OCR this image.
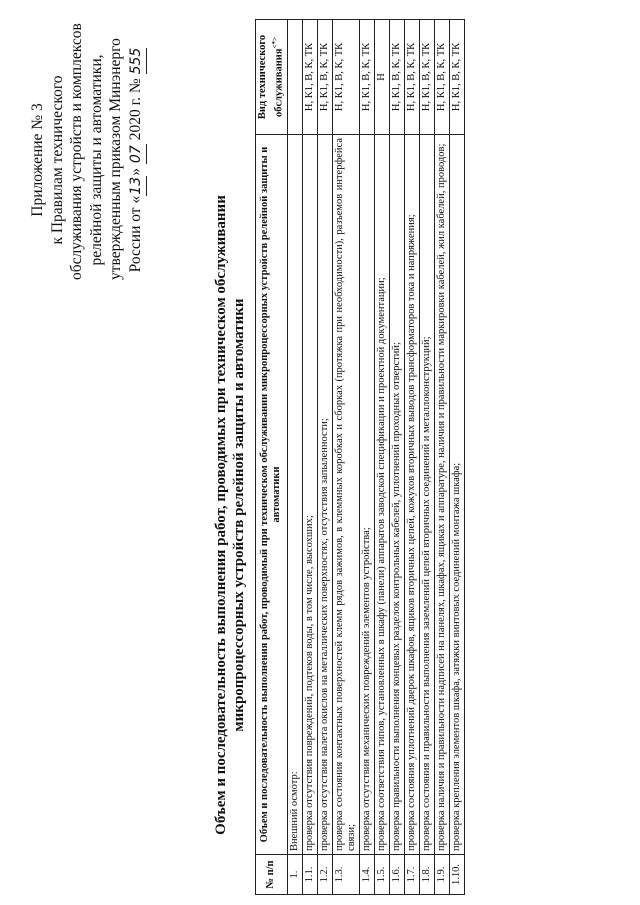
Приложение № 3 к Правилам технического обслуживания устройств и комплексов релейной защиты и автоматики, утвержденным приказом Минэнерго России от «13» 07 2020 г. № 555
Объем и последовательность выполнения работ, проводимых при техническом обслуживании микропроцессорных устройств релейной защиты и автоматики
№ п/п	Объем и последовательность выполнения работ, проводимый при техническом обслуживании микропроцессорных устройств релейной защиты и автоматики	Вид технического обслуживания<*>
1.	Внешний осмотр:	
1.1.	проверка отсутствия повреждений, подтеков воды, в том числе, высохших;	Н, К1, В, К, ТК
1.2.	проверка отсутствия налета окислов на металлических поверхностях, отсутствия запыленности;	Н, К1, В, К, ТК
1.3.	проверка состояния контактных поверхностей клемм рядов зажимов, в клеммных коробках и сборках (протяжка при необходимости), разъемов интерфейса связи;	Н, К1, В, К, ТК
1.4.	проверка отсутствия механических повреждений элементов устройства;	Н, К1, В, К, ТК
1.5.	проверка соответствия типов, установленных в шкафу (панели) аппаратов заводской спецификации и проектной документации;	Н
1.6.	проверка правильности выполнения концевых разделок контрольных кабелей, уплотнений проходных отверстий;	Н, К1, В, К, ТК
1.7.	проверка состояния уплотнений дверок шкафов, ящиков вторичных цепей, кожухов вторичных выводов трансформаторов тока и напряжения;	Н, К1, В, К, ТК
1.8.	проверка состояния и правильности выполнения заземлений цепей вторичных соединений и металлоконструкций;	Н, К1, В, К, ТК
1.9.	проверка наличия и правильности надписей на панелях, шкафах, ящиках и аппаратуре, наличия и правильности маркировки кабелей, жил кабелей, проводов;	Н, К1, В, К, ТК
1.10.	проверка крепления элементов шкафа, затяжки винтовых соединений монтажа шкафа;	Н, К1, В, К, ТК
